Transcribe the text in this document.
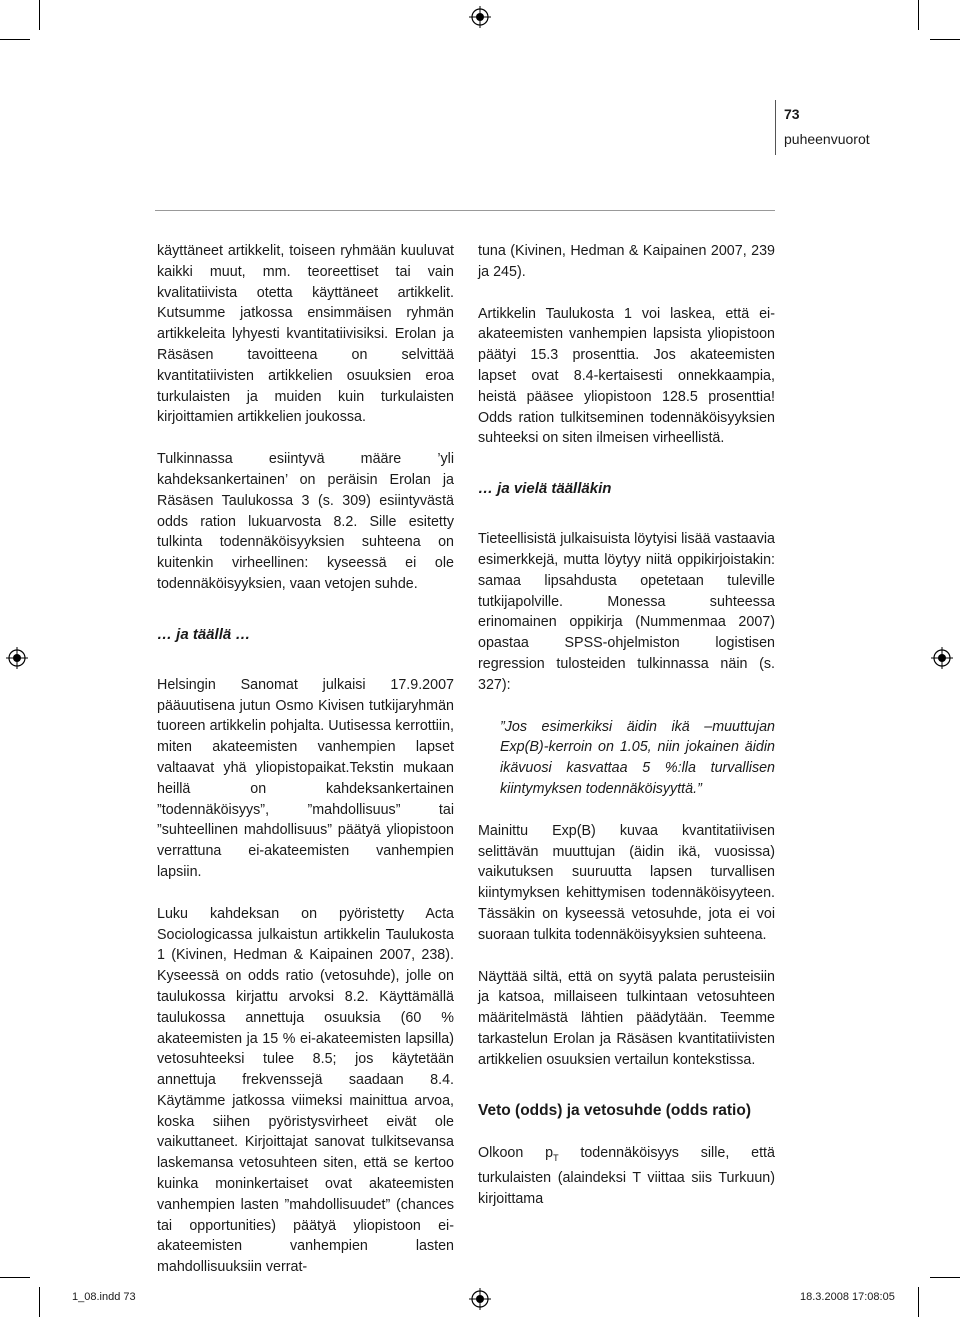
73
puheenvuorot

käyttäneet artikkelit, toiseen ryhmään kuuluvat kaikki muut, mm. teoreettiset tai vain kvalitatiivista otetta käyttäneet artikkelit. Kutsumme jatkossa ensimmäisen ryhmän artikkeleita lyhyesti kvantitatiivisiksi. Erolan ja Räsäsen tavoitteena on selvittää kvantitatiivisten artikkelien osuuksien eroa turkulaisten ja muiden kuin turkulaisten kirjoittamien artikkelien joukossa.

Tulkinnassa esiintyvä määre ’yli kahdeksankertainen’ on peräisin Erolan ja Räsäsen Taulukossa 3 (s. 309) esiintyvästä odds ration lukuarvosta 8.2. Sille esitetty tulkinta todennäköisyyksien suhteena on kuitenkin virheellinen: kyseessä ei ole todennäköisyyksien, vaan vetojen suhde.

… ja täällä …

Helsingin Sanomat julkaisi 17.9.2007 pääuutisena jutun Osmo Kivisen tutkijaryhmän tuoreen artikkelin pohjalta. Uutisessa kerrottiin, miten akateemisten vanhempien lapset valtaavat yhä yliopistopaikat.Tekstin mukaan heillä on kahdeksankertainen ”todennäköisyys”, ”mahdollisuus” tai ”suhteellinen mahdollisuus” päätyä yliopistoon verrattuna ei-akateemisten vanhempien lapsiin.

Luku kahdeksan on pyöristetty Acta Sociologicassa julkaistun artikkelin Taulukosta 1 (Kivinen, Hedman & Kaipainen 2007, 238). Kyseessä on odds ratio (vetosuhde), jolle on taulukossa kirjattu arvoksi 8.2. Käyttämällä taulukossa annettuja osuuksia (60 % akateemisten ja 15 % ei-akateemisten lapsilla) vetosuhteeksi tulee 8.5; jos käytetään annettuja frekvenssejä saadaan 8.4. Käytämme jatkossa viimeksi mainittua arvoa, koska siihen pyöristysvirheet eivät ole vaikuttaneet. Kirjoittajat sanovat tulkitsevansa laskemansa vetosuhteen siten, että se kertoo kuinka moninkertaiset ovat akateemisten vanhempien lasten ”mahdollisuudet” (chances tai opportunities) päätyä yliopistoon ei-akateemisten vanhempien lasten mahdollisuuksiin verrat-

tuna (Kivinen, Hedman & Kaipainen 2007, 239 ja 245).

Artikkelin Taulukosta 1 voi laskea, että ei-akateemisten vanhempien lapsista yliopistoon päätyi 15.3 prosenttia. Jos akateemisten lapset ovat 8.4-kertaisesti onnekkaampia, heistä pääsee yliopistoon 128.5 prosenttia! Odds ration tulkitseminen todennäköisyyksien suhteeksi on siten ilmeisen virheellistä.

… ja vielä täälläkin

Tieteellisistä julkaisuista löytyisi lisää vastaavia esimerkkejä, mutta löytyy niitä oppikirjoistakin: samaa lipsahdusta opetetaan tuleville tutkijapolville. Monessa suhteessa erinomainen oppikirja (Nummenmaa 2007) opastaa SPSS-ohjelmiston logistisen regression tulosteiden tulkinnassa näin (s. 327):

”Jos esimerkiksi äidin ikä –muuttujan Exp(B)-kerroin on 1.05, niin jokainen äidin ikävuosi kasvattaa 5 %:lla turvallisen kiintymyksen todennäköisyyttä.”

Mainittu Exp(B) kuvaa kvantitatiivisen selittävän muuttujan (äidin ikä, vuosissa) vaikutuksen suuruutta lapsen turvallisen kiintymyksen kehittymisen todennäköisyyteen. Tässäkin on kyseessä vetosuhde, jota ei voi suoraan tulkita todennäköisyyksien suhteena.

Näyttää siltä, että on syytä palata perusteisiin ja katsoa, millaiseen tulkintaan vetosuhteen määritelmästä lähtien päädytään. Teemme tarkastelun Erolan ja Räsäsen kvantitatiivisten artikkelien osuuksien vertailun kontekstissa.

Veto (odds) ja vetosuhde (odds ratio)

Olkoon $p_T$ todennäköisyys sille, että turkulaisten (alaindeksi T viittaa siis Turkuun) kirjoittama

1_08.indd 73	18.3.2008 17:08:05
